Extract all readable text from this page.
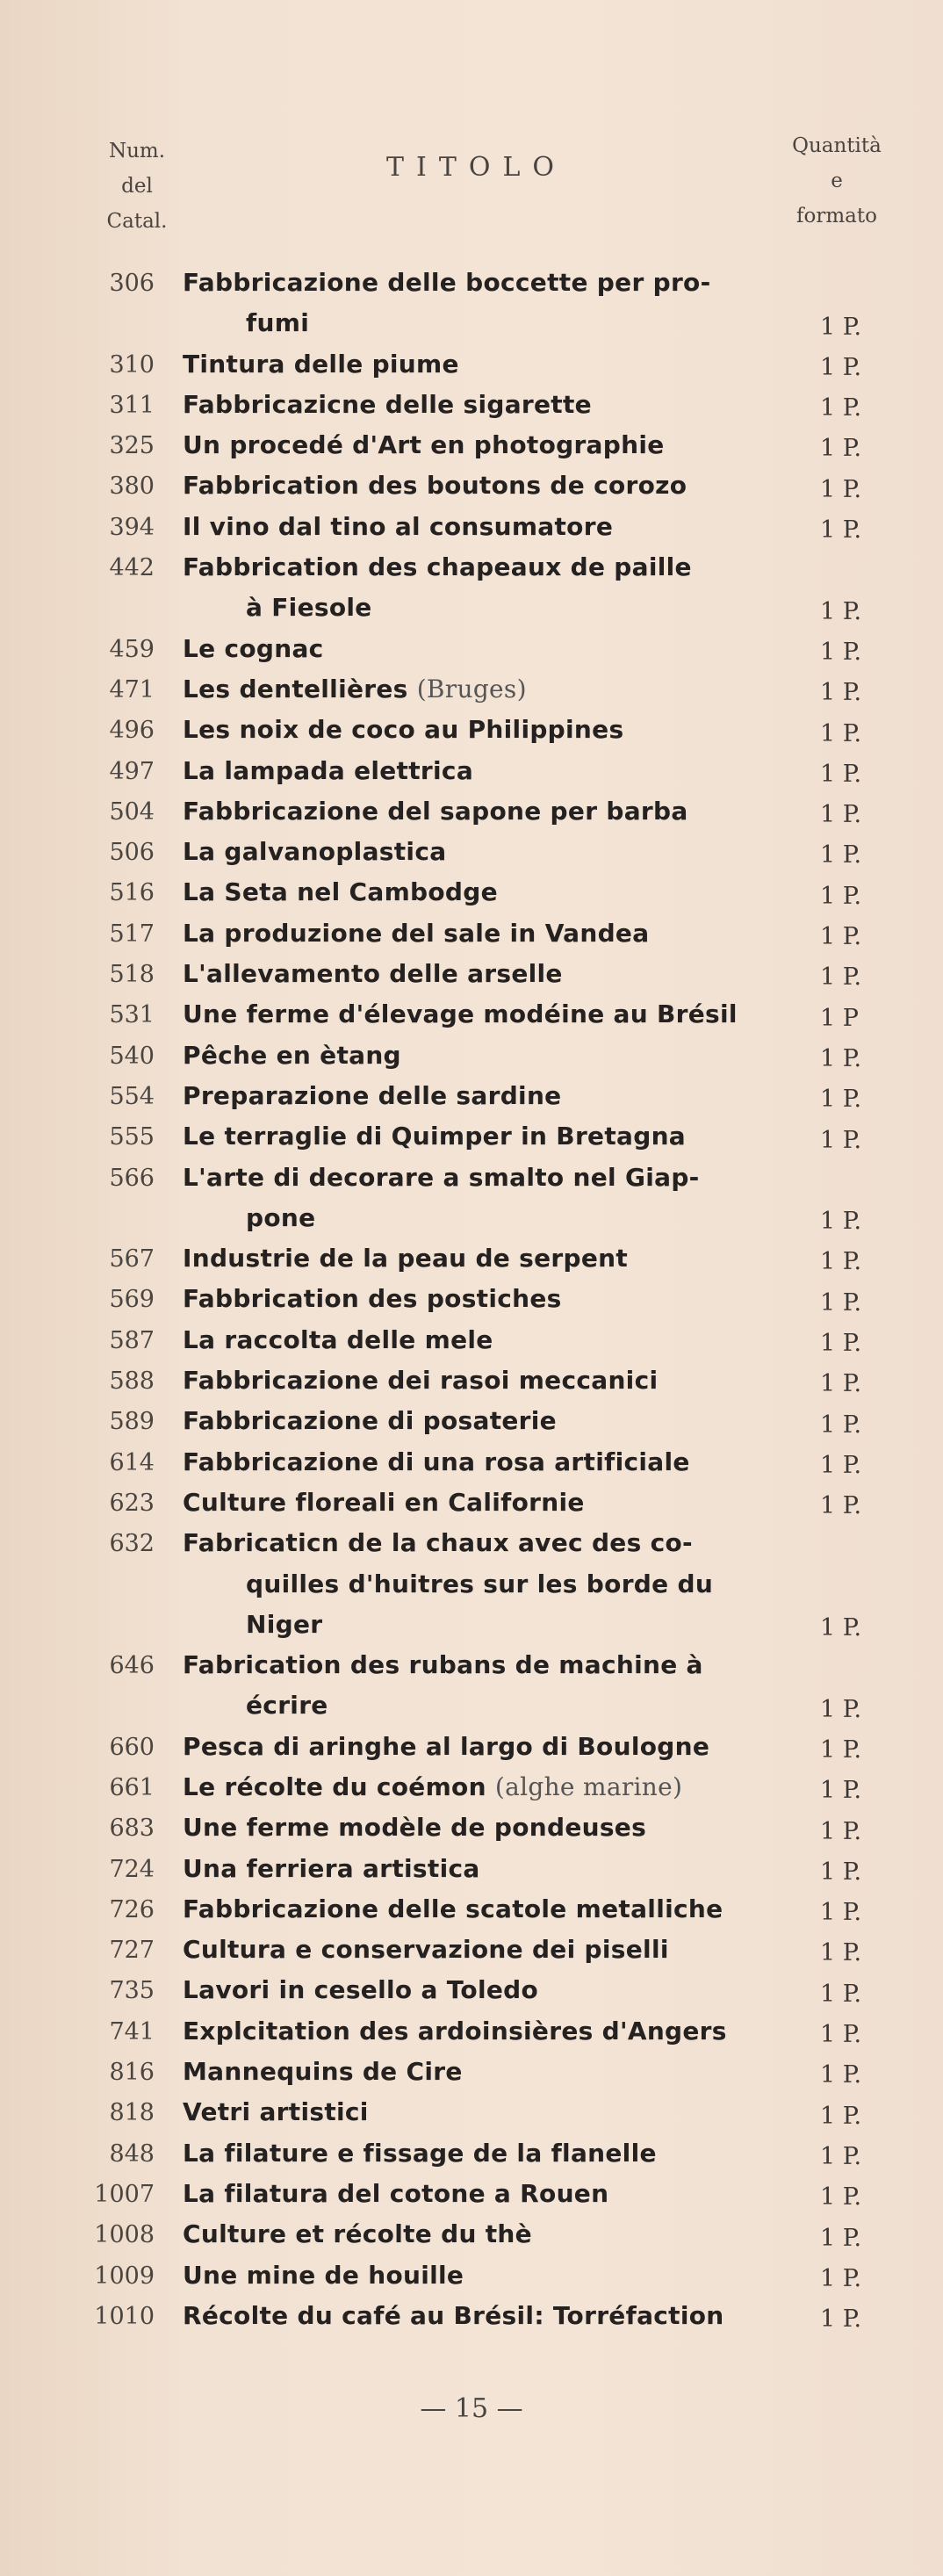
Num.
del
Catal.
TITOLO
Quantità
e
formato
306 Fabbricazione delle boccette per pro-
fumi	1 P.
310 Tintura delle piume	1 P.
311 Fabbricazicne delle sigarette	1 P.
325 Un procedé d'Art en photographie	1 P.
380 Fabbrication des boutons de corozo	1 P.
394 Il vino dal tino al consumatore	1 P.
442 Fabbrication des chapeaux de paille
à Fiesole	1 P.
459 Le cognac	1 P.
471 Les dentellières (Bruges)	1 P.
496 Les noix de coco au Philippines	1 P.
497 La lampada elettrica	1 P.
504 Fabbricazione del sapone per barba	1 P.
506 La galvanoplastica	1 P.
516 La Seta nel Cambodge	1 P.
517 La produzione del sale in Vandea	1 P.
518 L'allevamento delle arselle	1 P.
531 Une ferme d'élevage modéine au Brésil	1 P
540 Pêche en ètang	1 P.
554 Preparazione delle sardine	1 P.
555 Le terraglie di Quimper in Bretagna	1 P.
566 L'arte di decorare a smalto nel Giap-
pone	1 P.
567 Industrie de la peau de serpent	1 P.
569 Fabbrication des postiches	1 P.
587 La raccolta delle mele	1 P.
588 Fabbricazione dei rasoi meccanici	1 P.
589 Fabbricazione di posaterie	1 P.
614 Fabbricazione di una rosa artificiale	1 P.
623 Culture floreali en Californie	1 P.
632 Fabricaticn de la chaux avec des co-
quilles d'huitres sur les borde du
Niger	1 P.
646 Fabrication des rubans de machine à
écrire	1 P.
660 Pesca di aringhe al largo di Boulogne	1 P.
661 Le récolte du coémon (alghe marine)	1 P.
683 Une ferme modèle de pondeuses	1 P.
724 Una ferriera artistica	1 P.
726 Fabbricazione delle scatole metalliche	1 P.
727 Cultura e conservazione dei piselli	1 P.
735 Lavori in cesello a Toledo	1 P.
741 Explcitation des ardoinsières d'Angers	1 P.
816 Mannequins de Cire	1 P.
818 Vetri artistici	1 P.
848 La filature e fissage de la flanelle	1 P.
1007 La filatura del cotone a Rouen	1 P.
1008 Culture et récolte du thè	1 P.
1009 Une mine de houille	1 P.
1010 Récolte du café au Brésil: Torréfaction	1 P.
— 15 —
